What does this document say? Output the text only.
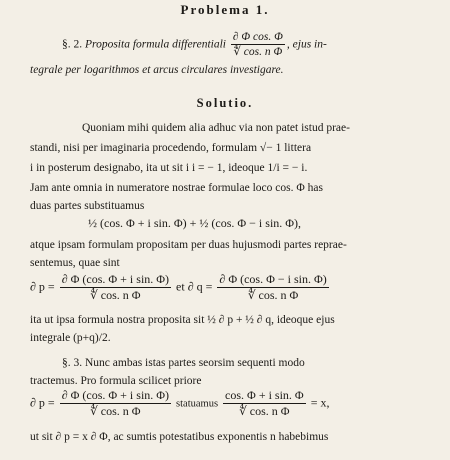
Problema 1.
§. 2. Proposita formula differentiali $\frac{\text{∂ Φ cos. Φ}}{\text{∜ cos. n Φ}}$ , ejus in-
tegrale per logarithmos et arcus circulares investigare.
Solutio.
Quoniam mihi quidem alia adhuc via non patet istud prae-
standi, nisi per imaginaria procedendo, formulam √− 1 littera
i in posterum designabo, ita ut sit i i = − 1, ideoque 1/i = − i.
Jam ante omnia in numeratore nostrae formulae loco cos. Φ has
duas partes substituamus
½ (cos. Φ + i sin. Φ) + ½ (cos. Φ − i sin. Φ),
atque ipsam formulam propositam per duas hujusmodi partes repraе-
sentemus, quae sint
∂ $p = \frac{\text{∂ Φ (cos. Φ + i sin. Φ)}}{\text{∜ cos. n Φ}}$ et ∂ $q = \frac{\text{∂ Φ (cos. Φ − i sin. Φ)}}{\text{∜ cos. n Φ}}$
ita ut ipsa formula nostra proposita sit ½ ∂ p + ½ ∂ q, ideoque ejus
integrale (p+q)/2.
§. 3. Nunc ambas istas partes seorsim sequenti modo
tractemus. Pro formula scilicet priore
∂ $p = \frac{\text{∂ Φ (cos. Φ + i sin. Φ)}}{\text{∜ cos. n Φ}}$ statuamus $\frac{\text{cos. Φ + i sin. Φ}}{\text{∜ cos. n Φ}} = x$,
ut sit ∂ p = x ∂ Φ, ac sumtis potestatibus exponentis n habebimus
